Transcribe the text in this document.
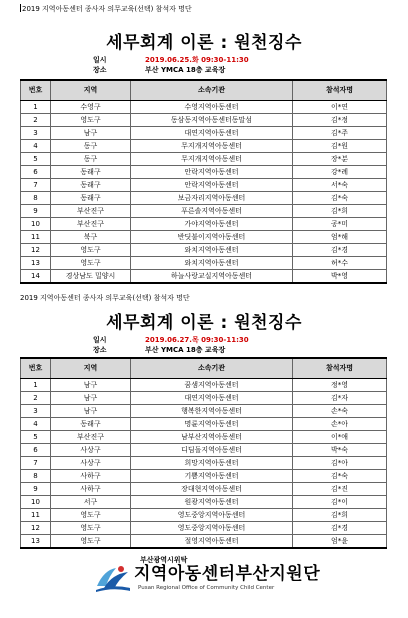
2019 지역아동센터 종사자 의무교육(선택) 참석자 명단
세무회계 이론 : 원천징수
일시	2019.06.25.화 09:30-11:30
장소	부산 YMCA 18층 교육장
번호	지역	소속기관	참석자명
1	수영구	수영지역아동센터	이*연
2	영도구	동삼동지역아동센터동말섬	김*정
3	남구	대연지역아동센터	김*주
4	동구	무지개지역아동센터	김*원
5	동구	무지개지역아동센터	장*분
6	동래구	안락지역아동센터	강*례
7	동래구	안락지역아동센터	서*숙
8	동래구	보금자리지역아동센터	김*숙
9	부산진구	푸른솔지역아동센터	김*희
10	부산진구	가야지역아동센터	공*미
11	북구	반딧불이지역아동센터	엄*해
12	영도구	와치지역아동센터	김*경
13	영도구	와치지역아동센터	허*수
14	경상남도 밀양시	하늘사랑교실지역아동센터	박*영
2019 지역아동센터 종사자 의무교육(선택) 참석자 명단
세무회계 이론 : 원천징수
일시	2019.06.27.목 09:30-11:30
장소	부산 YMCA 18층 교육장
번호	지역	소속기관	참석자명
1	남구	꿈샘지역아동센터	정*영
2	남구	대연지역아동센터	김*자
3	남구	행복한지역아동센터	손*숙
4	동래구	명륜지역아동센터	손*아
5	부산진구	남부산지역아동센터	이*애
6	사상구	디딤돌지역아동센터	박*숙
7	사상구	희망지역아동센터	김*아
8	사하구	기쁨지역아동센터	김*숙
9	사하구	장대현지역아동센터	김*진
10	서구	원광지역아동센터	김*이
11	영도구	영도중앙지역아동센터	김*희
12	영도구	영도중앙지역아동센터	김*경
13	영도구	절영지역아동센터	엄*윤
부산광역시위탁
지역아동센터부산지원단
Pusan Regional Office of Community Child Center
